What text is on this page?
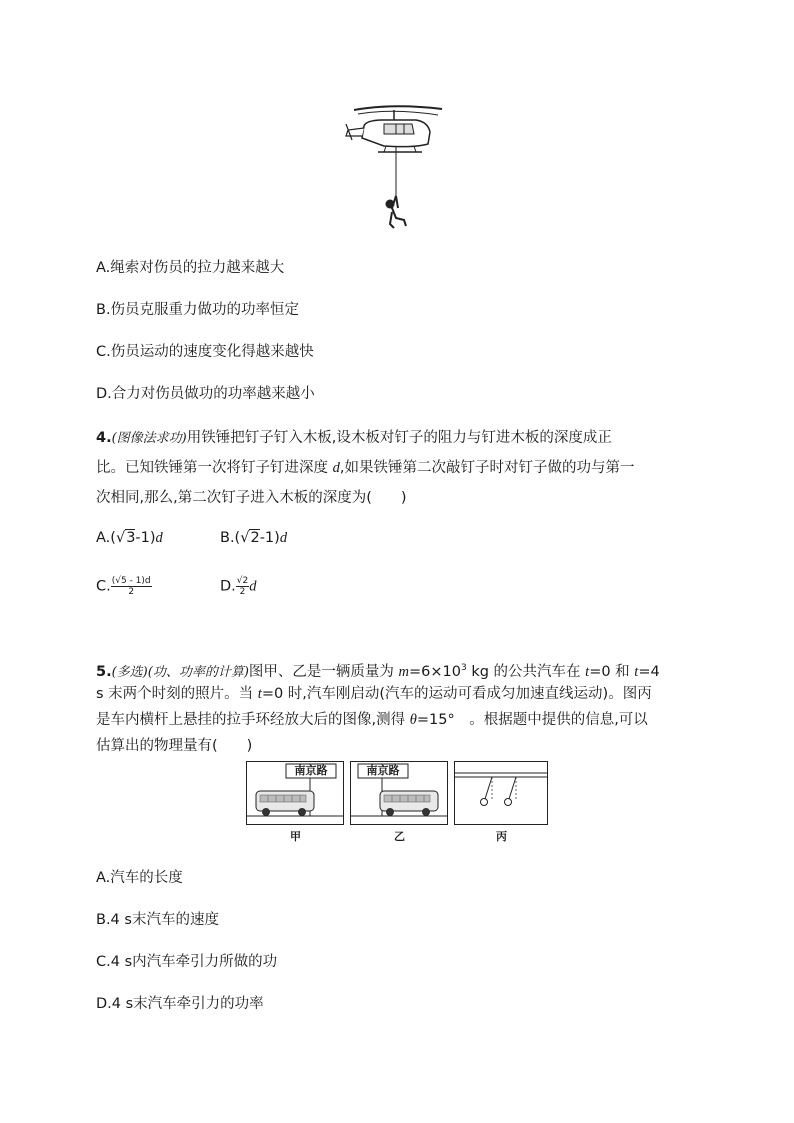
A.绳索对伤员的拉力越来越大
B.伤员克服重力做功的功率恒定
C.伤员运动的速度变化得越来越快
D.合力对伤员做功的功率越来越小
4.(图像法求功)用铁锤把钉子钉入木板,设木板对钉子的阻力与钉进木板的深度成正
比。已知铁锤第一次将钉子钉进深度 d,如果铁锤第二次敲钉子时对钉子做的功与第一
次相同,那么,第二次钉子进入木板的深度为(　　)
A.(√3-1)d	B.(√2-1)d
C. $\frac{(√5 - 1)d}{2}$	D. $\frac{√2}{2}$ d
5.(多选)(功、功率的计算)图甲、乙是一辆质量为 $m=6\times 10^3$ kg 的公共汽车在 t=0 和 t=4
s 末两个时刻的照片。当 t=0 时,汽车刚启动(汽车的运动可看成匀加速直线运动)。图丙
是车内横杆上悬挂的拉手环经放大后的图像,测得 θ=15°　。根据题中提供的信息,可以
估算出的物理量有(　　)
南京路	南京路
甲	乙	丙
A.汽车的长度
B.4 s末汽车的速度
C.4 s内汽车牵引力所做的功
D.4 s末汽车牵引力的功率
